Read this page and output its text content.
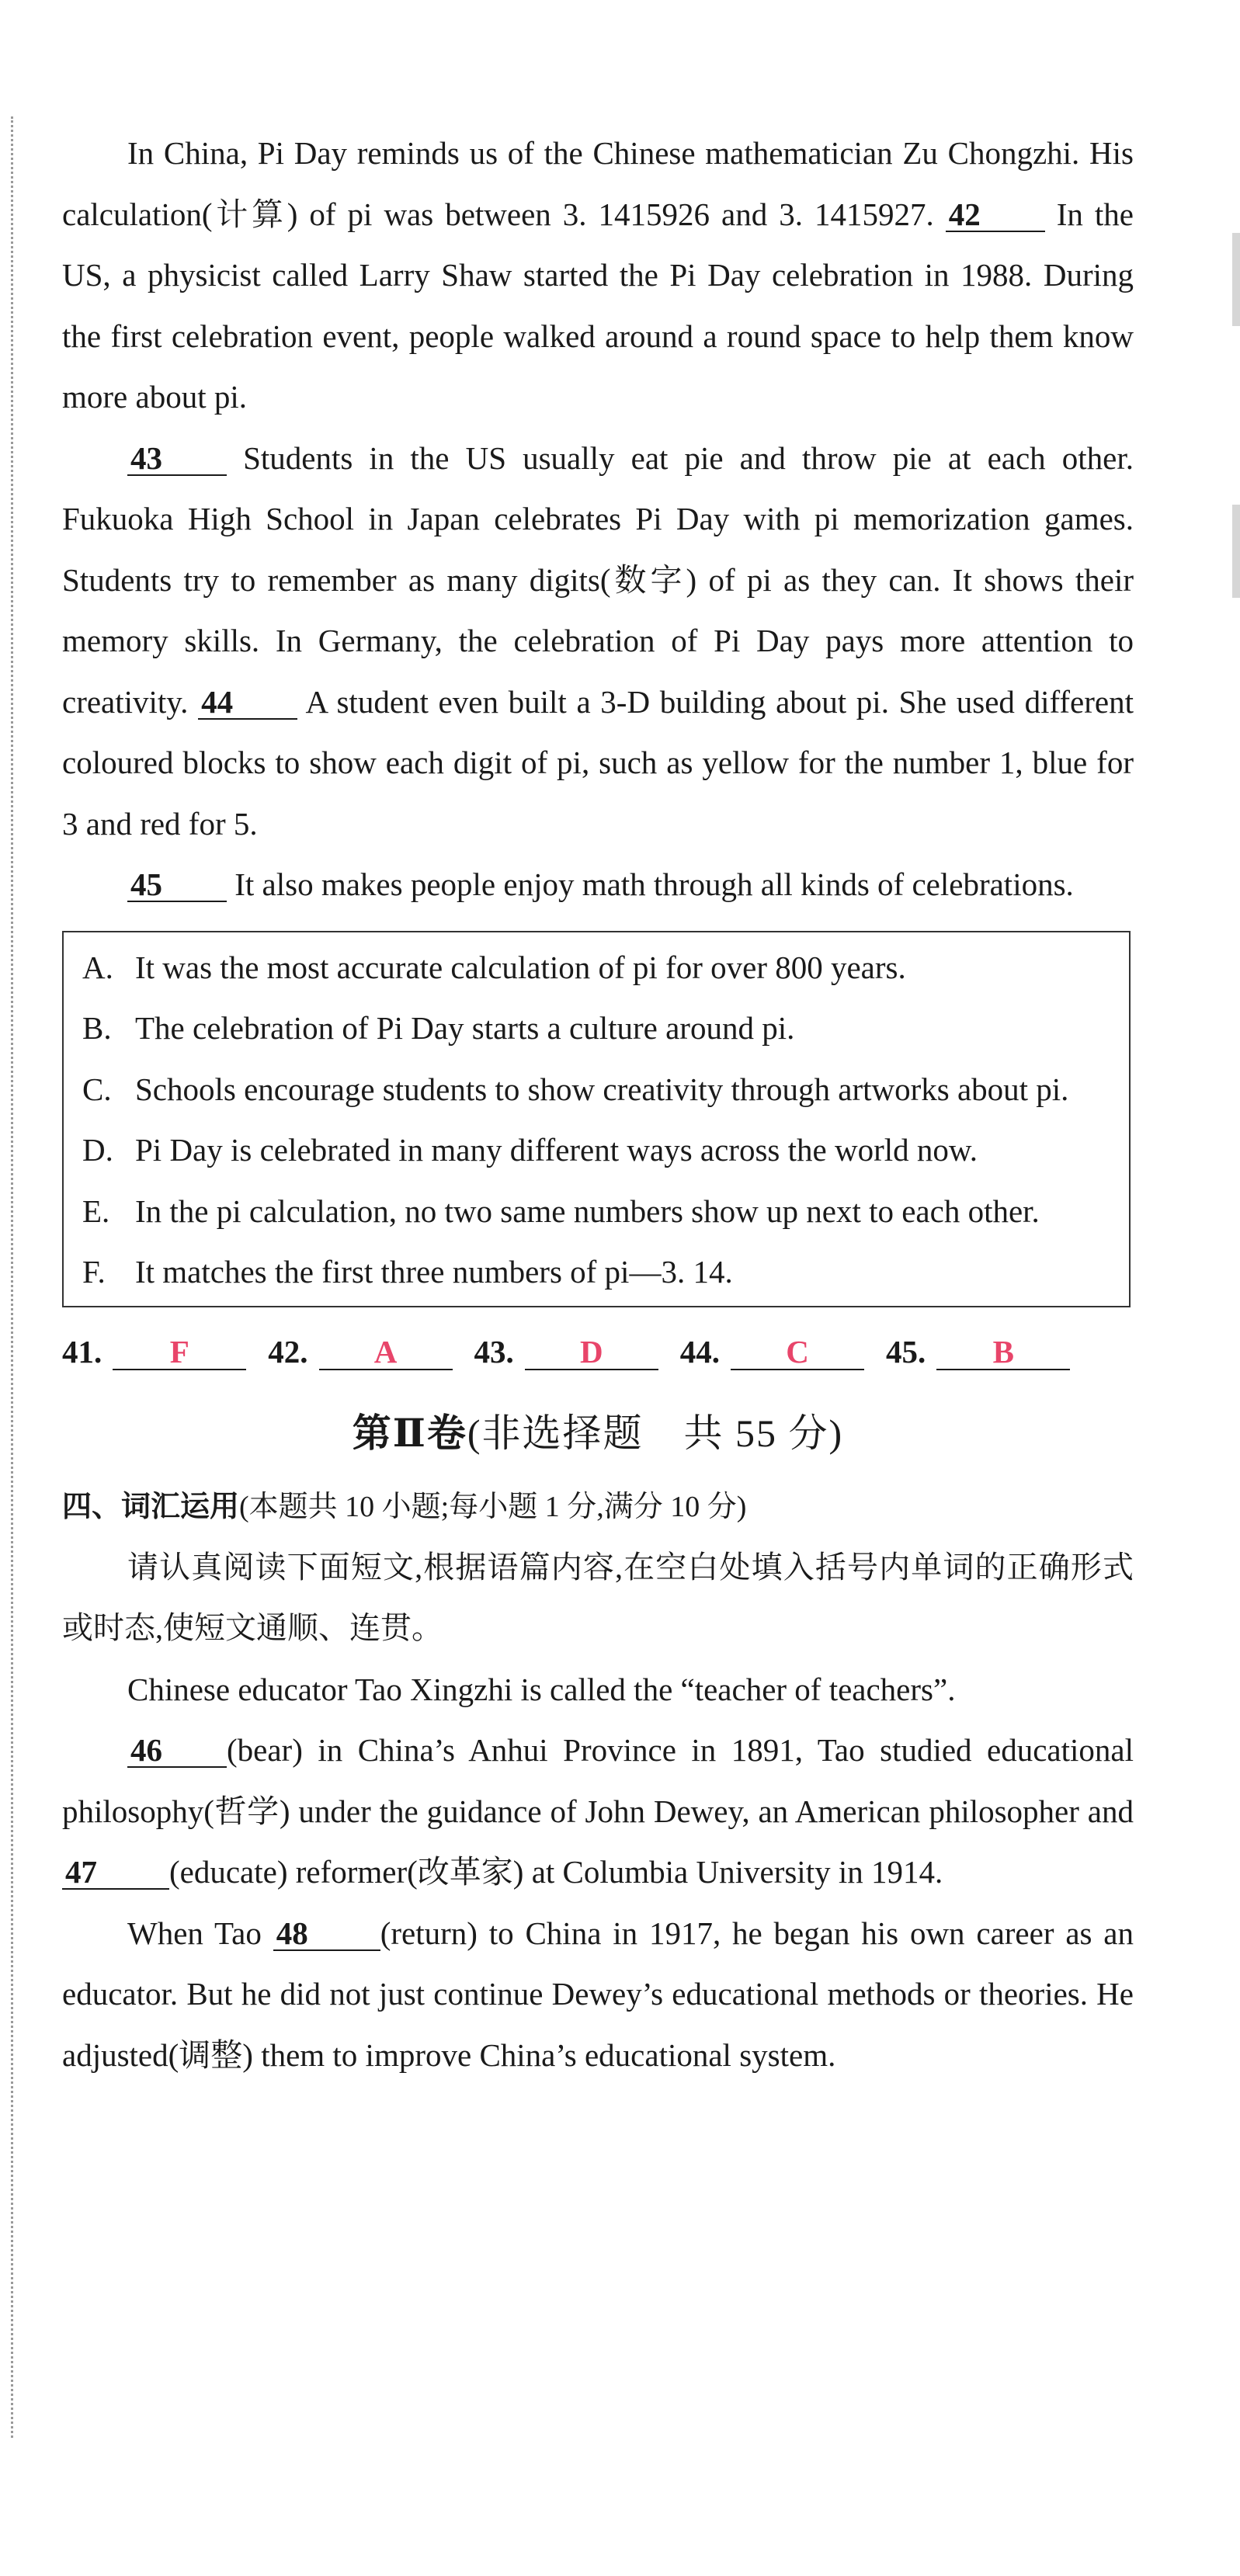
In China, Pi Day reminds us of the Chinese mathematician Zu Chongzhi. His calculation(计算) of pi was between 3. 1415926 and 3. 1415927. 42 In the US, a physicist called Larry Shaw started the Pi Day celebration in 1988. During the first celebration event, people walked around a round space to help them know more about pi.

43 Students in the US usually eat pie and throw pie at each other. Fukuoka High School in Japan celebrates Pi Day with pi memorization games. Students try to remember as many digits(数字) of pi as they can. It shows their memory skills. In Germany, the celebration of Pi Day pays more attention to creativity. 44 A student even built a 3-D building about pi. She used different coloured blocks to show each digit of pi, such as yellow for the number 1, blue for 3 and red for 5.

45 It also makes people enjoy math through all kinds of celebrations.

A. It was the most accurate calculation of pi for over 800 years.
B. The celebration of Pi Day starts a culture around pi.
C. Schools encourage students to show creativity through artworks about pi.
D. Pi Day is celebrated in many different ways across the world now.
E. In the pi calculation, no two same numbers show up next to each other.
F. It matches the first three numbers of pi—3. 14.
41.	F	42.	A	43.	D	44.	C	45.	B
第Ⅱ卷(非选择题　共 55 分)

四、词汇运用(本题共 10 小题;每小题 1 分,满分 10 分)

请认真阅读下面短文,根据语篇内容,在空白处填入括号内单词的正确形式或时态,使短文通顺、连贯。

Chinese educator Tao Xingzhi is called the “teacher of teachers”.

46 (bear) in China’s Anhui Province in 1891, Tao studied educational philosophy(哲学) under the guidance of John Dewey, an American philosopher and 47 (educate) reformer(改革家) at Columbia University in 1914.

When Tao 48 (return) to China in 1917, he began his own career as an educator. But he did not just continue Dewey’s educational methods or theories. He adjusted(调整) them to improve China’s educational system.
